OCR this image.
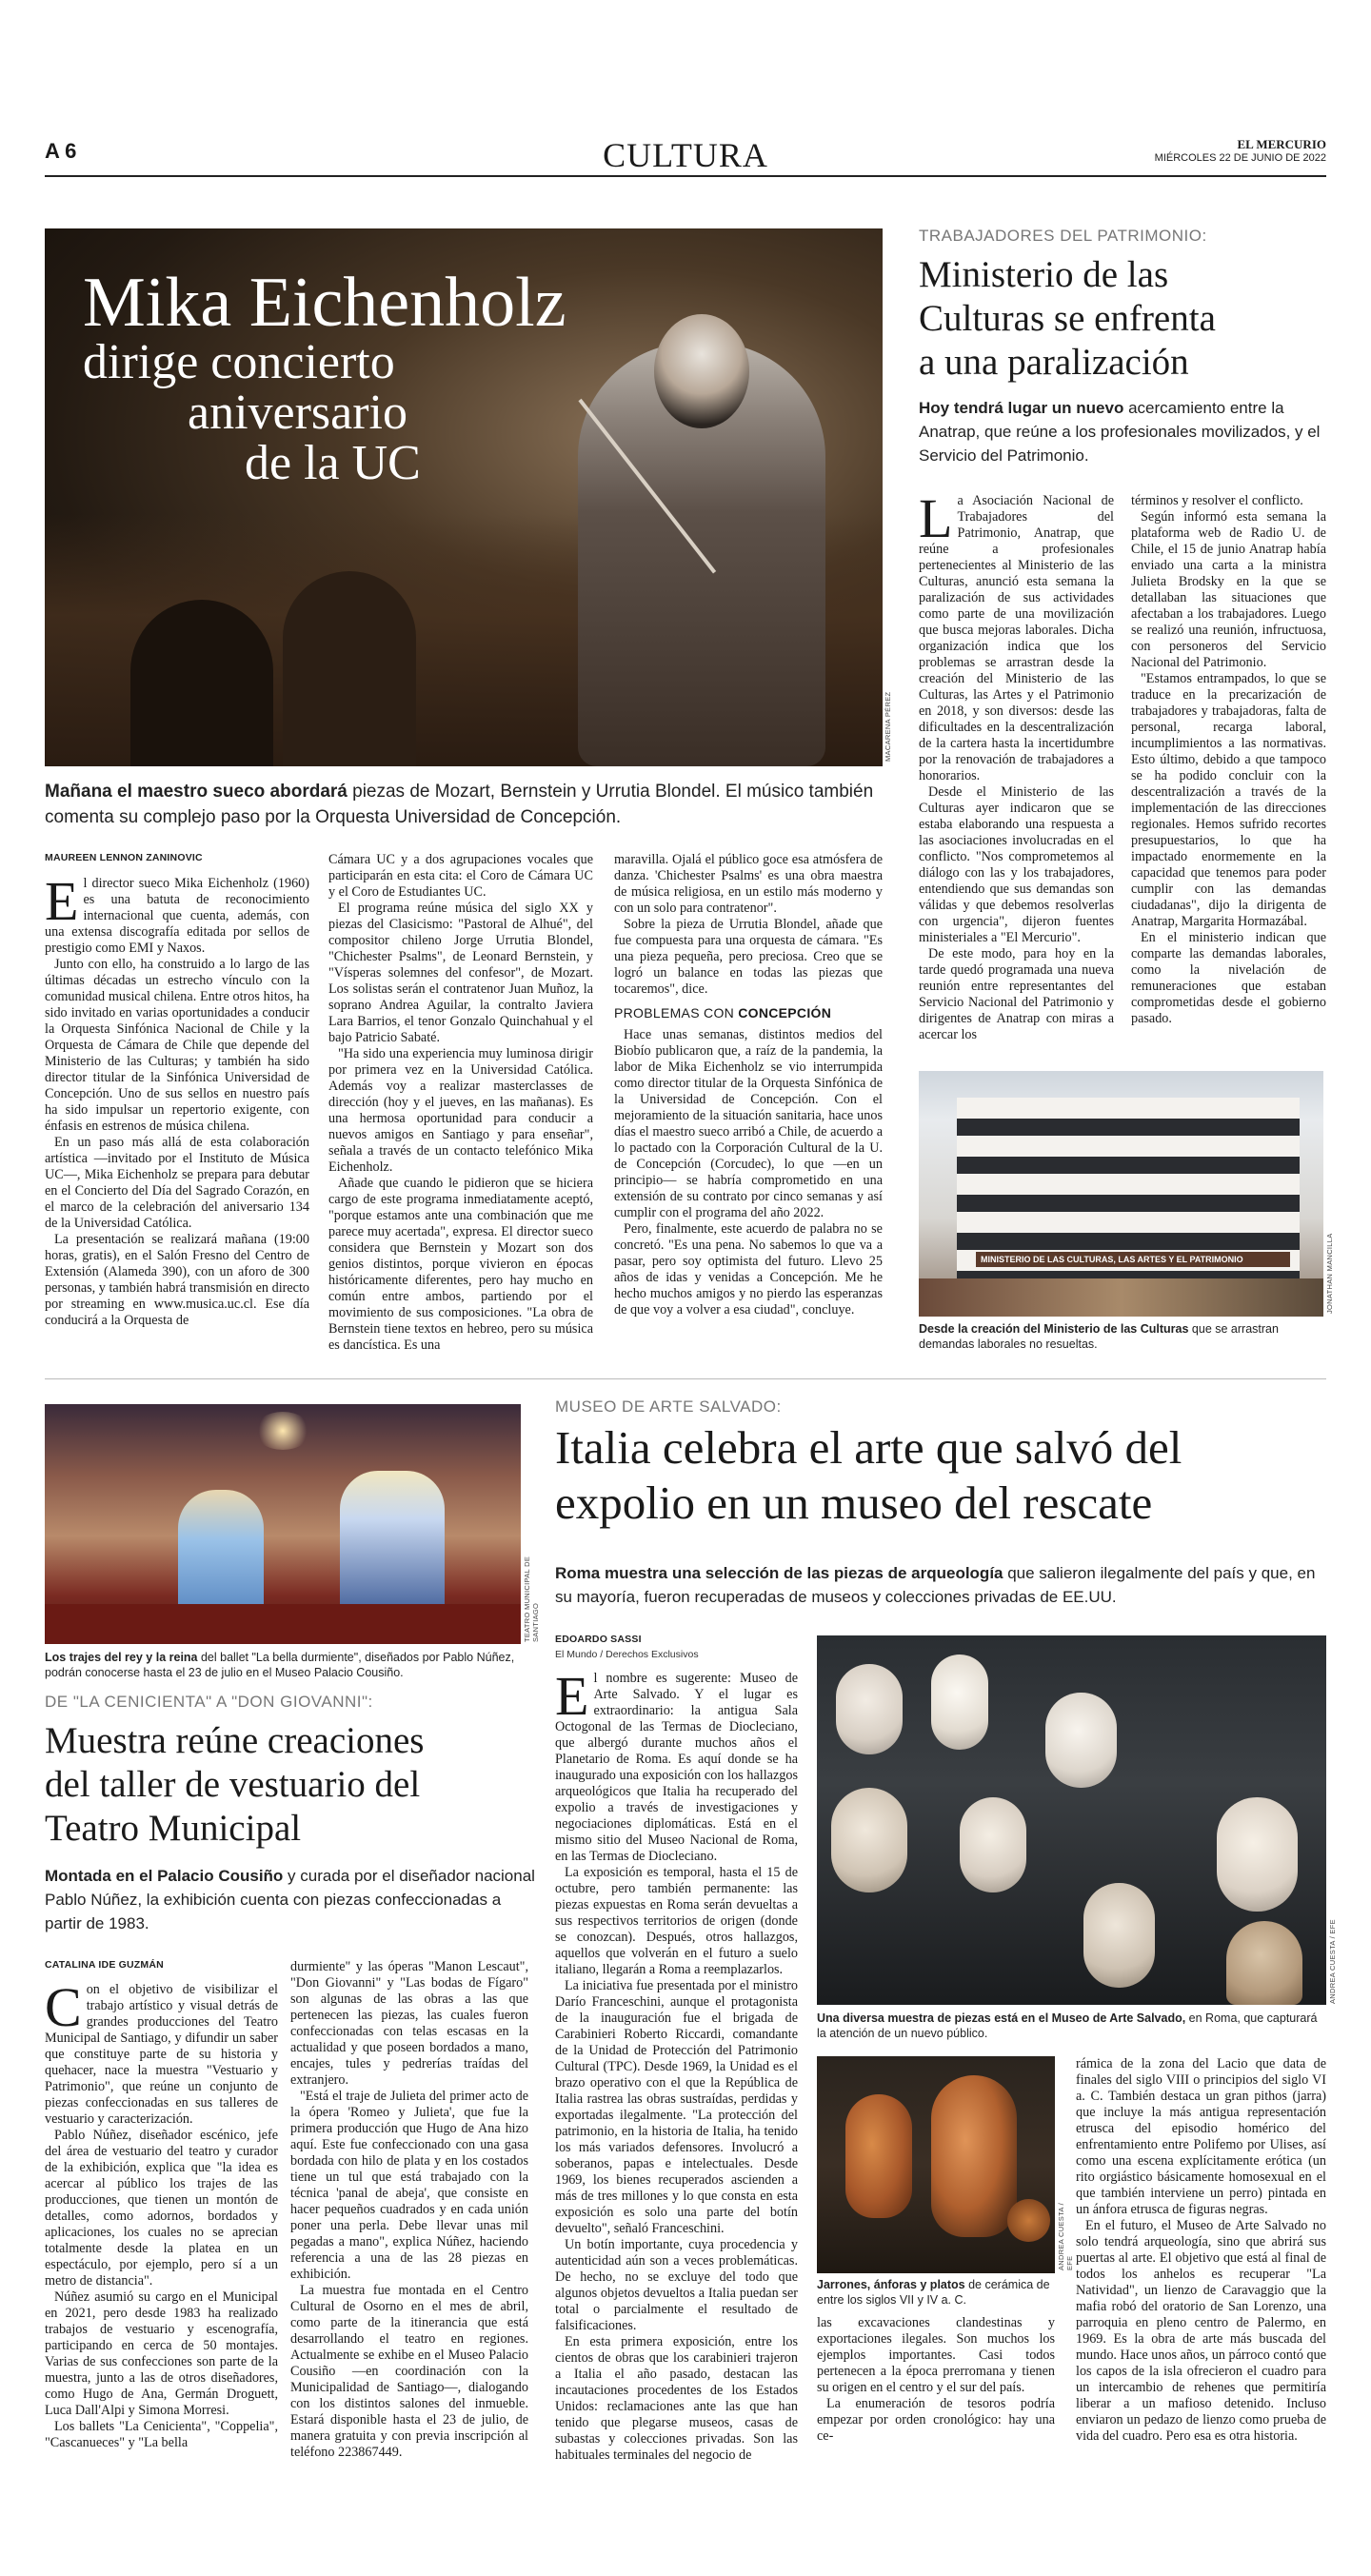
A 6	CULTURA	EL MERCURIO
MIÉRCOLES 22 DE JUNIO DE 2022
Mika Eichenholz
dirige concierto
aniversario
de la UC
MACARENA PÉREZ
Mañana el maestro sueco abordará piezas de Mozart, Bernstein y Urrutia Blondel. El músico también comenta su complejo paso por la Orquesta Universidad de Concepción.
MAUREEN LENNON ZANINOVIC

El director sueco Mika Eichenholz (1960) es una batuta de reconocimiento internacional que cuenta, además, con una extensa discografía editada por sellos de prestigio como EMI y Naxos.

Junto con ello, ha construido a lo largo de las últimas décadas un estrecho vínculo con la comunidad musical chilena. Entre otros hitos, ha sido invitado en varias oportunidades a conducir la Orquesta Sinfónica Nacional de Chile y la Orquesta de Cámara de Chile que depende del Ministerio de las Culturas; y también ha sido director titular de la Sinfónica Universidad de Concepción. Uno de sus sellos en nuestro país ha sido impulsar un repertorio exigente, con énfasis en estrenos de música chilena.

En un paso más allá de esta colaboración artística —invitado por el Instituto de Música UC—, Mika Eichenholz se prepara para debutar en el Concierto del Día del Sagrado Corazón, en el marco de la celebración del aniversario 134 de la Universidad Católica.

La presentación se realizará mañana (19:00 horas, gratis), en el Salón Fresno del Centro de Extensión (Alameda 390), con un aforo de 300 personas, y también habrá transmisión en directo por streaming en www.musica.uc.cl. Ese día conducirá a la Orquesta de

Cámara UC y a dos agrupaciones vocales que participarán en esta cita: el Coro de Cámara UC y el Coro de Estudiantes UC.

El programa reúne música del siglo XX y piezas del Clasicismo: "Pastoral de Alhué", del compositor chileno Jorge Urrutia Blondel, "Chichester Psalms", de Leonard Bernstein, y "Vísperas solemnes del confesor", de Mozart. Los solistas serán el contratenor Juan Muñoz, la soprano Andrea Aguilar, la contralto Javiera Lara Barrios, el tenor Gonzalo Quinchahual y el bajo Patricio Sabaté.

"Ha sido una experiencia muy luminosa dirigir por primera vez en la Universidad Católica. Además voy a realizar masterclasses de dirección (hoy y el jueves, en las mañanas). Es una hermosa oportunidad para conducir a nuevos amigos en Santiago y para enseñar", señala a través de un contacto telefónico Mika Eichenholz.

Añade que cuando le pidieron que se hiciera cargo de este programa inmediatamente aceptó, "porque estamos ante una combinación que me parece muy acertada", expresa. El director sueco considera que Bernstein y Mozart son dos genios distintos, porque vivieron en épocas históricamente diferentes, pero hay mucho en común entre ambos, partiendo por el movimiento de sus composiciones. "La obra de Bernstein tiene textos en hebreo, pero su música es dancística. Es una

maravilla. Ojalá el público goce esa atmósfera de danza. 'Chichester Psalms' es una obra maestra de música religiosa, en un estilo más moderno y con un solo para contratenor".

Sobre la pieza de Urrutia Blondel, añade que fue compuesta para una orquesta de cámara. "Es una pieza pequeña, pero preciosa. Creo que se logró un balance en todas las piezas que tocaremos", dice.

PROBLEMAS CON CONCEPCIÓN

Hace unas semanas, distintos medios del Biobío publicaron que, a raíz de la pandemia, la labor de Mika Eichenholz se vio interrumpida como director titular de la Orquesta Sinfónica de la Universidad de Concepción. Con el mejoramiento de la situación sanitaria, hace unos días el maestro sueco arribó a Chile, de acuerdo a lo pactado con la Corporación Cultural de la U. de Concepción (Corcudec), lo que —en un principio— se habría comprometido en una extensión de su contrato por cinco semanas y así cumplir con el programa del año 2022.

Pero, finalmente, este acuerdo de palabra no se concretó. "Es una pena. No sabemos lo que va a pasar, pero soy optimista del futuro. Llevo 25 años de idas y venidas a Concepción. Me he hecho muchos amigos y no pierdo las esperanzas de que voy a volver a esa ciudad", concluye.

TRABAJADORES DEL PATRIMONIO:
Ministerio de las
Culturas se enfrenta
a una paralización
Hoy tendrá lugar un nuevo acercamiento entre la Anatrap, que reúne a los profesionales movilizados, y el Servicio del Patrimonio.

La Asociación Nacional de Trabajadores del Patrimonio, Anatrap, que reúne a profesionales pertenecientes al Ministerio de las Culturas, anunció esta semana la paralización de sus actividades como parte de una movilización que busca mejoras laborales. Dicha organización indica que los problemas se arrastran desde la creación del Ministerio de las Culturas, las Artes y el Patrimonio en 2018, y son diversos: desde las dificultades en la descentralización de la cartera hasta la incertidumbre por la renovación de trabajadores a honorarios.

Desde el Ministerio de las Culturas ayer indicaron que se estaba elaborando una respuesta a las asociaciones involucradas en el conflicto. "Nos comprometemos al diálogo con las y los trabajadores, entendiendo que sus demandas son válidas y que debemos resolverlas con urgencia", dijeron fuentes ministeriales a "El Mercurio".

De este modo, para hoy en la tarde quedó programada una nueva reunión entre representantes del Servicio Nacional del Patrimonio y dirigentes de Anatrap con miras a acercar los

términos y resolver el conflicto.

Según informó esta semana la plataforma web de Radio U. de Chile, el 15 de junio Anatrap había enviado una carta a la ministra Julieta Brodsky en la que se detallaban las situaciones que afectaban a los trabajadores. Luego se realizó una reunión, infructuosa, con personeros del Servicio Nacional del Patrimonio.

"Estamos entrampados, lo que se traduce en la precarización de trabajadores y trabajadoras, falta de personal, recarga laboral, incumplimientos a las normativas. Esto último, debido a que tampoco se ha podido concluir con la descentralización a través de la implementación de las direcciones regionales. Hemos sufrido recortes presupuestarios, lo que ha impactado enormemente en la capacidad que tenemos para poder cumplir con las demandas ciudadanas", dijo la dirigenta de Anatrap, Margarita Hormazábal.

En el ministerio indican que comparte las demandas laborales, como la nivelación de remuneraciones que estaban comprometidas desde el gobierno pasado.

MINISTERIO DE LAS CULTURAS, LAS ARTES Y EL PATRIMONIO	JONATHAN MANCILLA
Desde la creación del Ministerio de las Culturas que se arrastran demandas laborales no resueltas.
TEATRO MUNICIPAL DE SANTIAGO
Los trajes del rey y la reina del ballet "La bella durmiente", diseñados por Pablo Núñez, podrán conocerse hasta el 23 de julio en el Museo Palacio Cousiño.
DE "LA CENICIENTA" A "DON GIOVANNI":
Muestra reúne creaciones
del taller de vestuario del
Teatro Municipal
Montada en el Palacio Cousiño y curada por el diseñador nacional Pablo Núñez, la exhibición cuenta con piezas confeccionadas a partir de 1983.
CATALINA IDE GUZMÁN

Con el objetivo de visibilizar el trabajo artístico y visual detrás de grandes producciones del Teatro Municipal de Santiago, y difundir un saber que constituye parte de su historia y quehacer, nace la muestra "Vestuario y Patrimonio", que reúne un conjunto de piezas confeccionadas en sus talleres de vestuario y caracterización.

Pablo Núñez, diseñador escénico, jefe del área de vestuario del teatro y curador de la exhibición, explica que "la idea es acercar al público los trajes de las producciones, que tienen un montón de detalles, como adornos, bordados y aplicaciones, los cuales no se aprecian totalmente desde la platea en un espectáculo, por ejemplo, pero sí a un metro de distancia".

Núñez asumió su cargo en el Municipal en 2021, pero desde 1983 ha realizado trabajos de vestuario y escenografía, participando en cerca de 50 montajes. Varias de sus confecciones son parte de la muestra, junto a las de otros diseñadores, como Hugo de Ana, Germán Droguett, Luca Dall'Alpi y Simona Morresi.

Los ballets "La Cenicienta", "Coppelia", "Cascanueces" y "La bella

durmiente" y las óperas "Manon Lescaut", "Don Giovanni" y "Las bodas de Fígaro" son algunas de las obras a las que pertenecen las piezas, las cuales fueron confeccionadas con telas escasas en la actualidad y que poseen bordados a mano, encajes, tules y pedrerías traídas del extranjero.

"Está el traje de Julieta del primer acto de la ópera 'Romeo y Julieta', que fue la primera producción que Hugo de Ana hizo aquí. Este fue confeccionado con una gasa bordada con hilo de plata y en los costados tiene un tul que está trabajado con la técnica 'panal de abeja', que consiste en hacer pequeños cuadrados y en cada unión poner una perla. Debe llevar unas mil pegadas a mano", explica Núñez, haciendo referencia a una de las 28 piezas en exhibición.

La muestra fue montada en el Centro Cultural de Osorno en el mes de abril, como parte de la itinerancia que está desarrollando el teatro en regiones. Actualmente se exhibe en el Museo Palacio Cousiño —en coordinación con la Municipalidad de Santiago—, dialogando con los distintos salones del inmueble. Estará disponible hasta el 23 de julio, de manera gratuita y con previa inscripción al teléfono 223867449.

MUSEO DE ARTE SALVADO:
Italia celebra el arte que salvó del
expolio en un museo del rescate
Roma muestra una selección de las piezas de arqueología que salieron ilegalmente del país y que, en su mayoría, fueron recuperadas de museos y colecciones privadas de EE.UU.
EDOARDO SASSI
El Mundo / Derechos Exclusivos

El nombre es sugerente: Museo de Arte Salvado. Y el lugar es extraordinario: la antigua Sala Octogonal de las Termas de Diocleciano, que albergó durante muchos años el Planetario de Roma. Es aquí donde se ha inaugurado una exposición con los hallazgos arqueológicos que Italia ha recuperado del expolio a través de investigaciones y negociaciones diplomáticas. Está en el mismo sitio del Museo Nacional de Roma, en las Termas de Diocleciano.

La exposición es temporal, hasta el 15 de octubre, pero también permanente: las piezas expuestas en Roma serán devueltas a sus respectivos territorios de origen (donde se conozcan). Después, otros hallazgos, aquellos que volverán en el futuro a suelo italiano, llegarán a Roma a reemplazarlos.

La iniciativa fue presentada por el ministro Darío Franceschini, aunque el protagonista de la inauguración fue el brigada de Carabinieri Roberto Riccardi, comandante de la Unidad de Protección del Patrimonio Cultural (TPC). Desde 1969, la Unidad es el brazo operativo con el que la República de Italia rastrea las obras sustraídas, perdidas y exportadas ilegalmente. "La protección del patrimonio, en la historia de Italia, ha tenido los más variados defensores. Involucró a soberanos, papas e intelectuales. Desde 1969, los bienes recuperados ascienden a más de tres millones y lo que consta en esta exposición es solo una parte del botín devuelto", señaló Franceschini.

Un botín importante, cuya procedencia y autenticidad aún son a veces problemáticas. De hecho, no se excluye del todo que algunos objetos devueltos a Italia puedan ser total o parcialmente el resultado de falsificaciones.

En esta primera exposición, entre los cientos de obras que los carabinieri trajeron a Italia el año pasado, destacan las incautaciones procedentes de los Estados Unidos: reclamaciones ante las que han tenido que plegarse museos, casas de subastas y colecciones privadas. Son las habituales terminales del negocio de

ANDREA CUESTA / EFE
Una diversa muestra de piezas está en el Museo de Arte Salvado, en Roma, que capturará la atención de un nuevo público.
ANDREA CUESTA / EFE
Jarrones, ánforas y platos de cerámica de entre los siglos VII y IV a. C.

las excavaciones clandestinas y exportaciones ilegales. Son muchos los ejemplos importantes. Casi todos pertenecen a la época prerromana y tienen su origen en el centro y el sur del país.

La enumeración de tesoros podría empezar por orden cronológico: hay una ce-

rámica de la zona del Lacio que data de finales del siglo VIII o principios del siglo VI a. C. También destaca un gran pithos (jarra) que incluye la más antigua representación etrusca del episodio homérico del enfrentamiento entre Polifemo por Ulises, así como una escena explícitamente erótica (un rito orgiástico básicamente homosexual en el que también interviene un perro) pintada en un ánfora etrusca de figuras negras.

En el futuro, el Museo de Arte Salvado no solo tendrá arqueología, sino que abrirá sus puertas al arte. El objetivo que está al final de todos los anhelos es recuperar "La Natividad", un lienzo de Caravaggio que la mafia robó del oratorio de San Lorenzo, una parroquia en pleno centro de Palermo, en 1969. Es la obra de arte más buscada del mundo. Hace unos años, un párroco contó que los capos de la isla ofrecieron el cuadro para un intercambio de rehenes que permitiría liberar a un mafioso detenido. Incluso enviaron un pedazo de lienzo como prueba de vida del cuadro. Pero esa es otra historia.
